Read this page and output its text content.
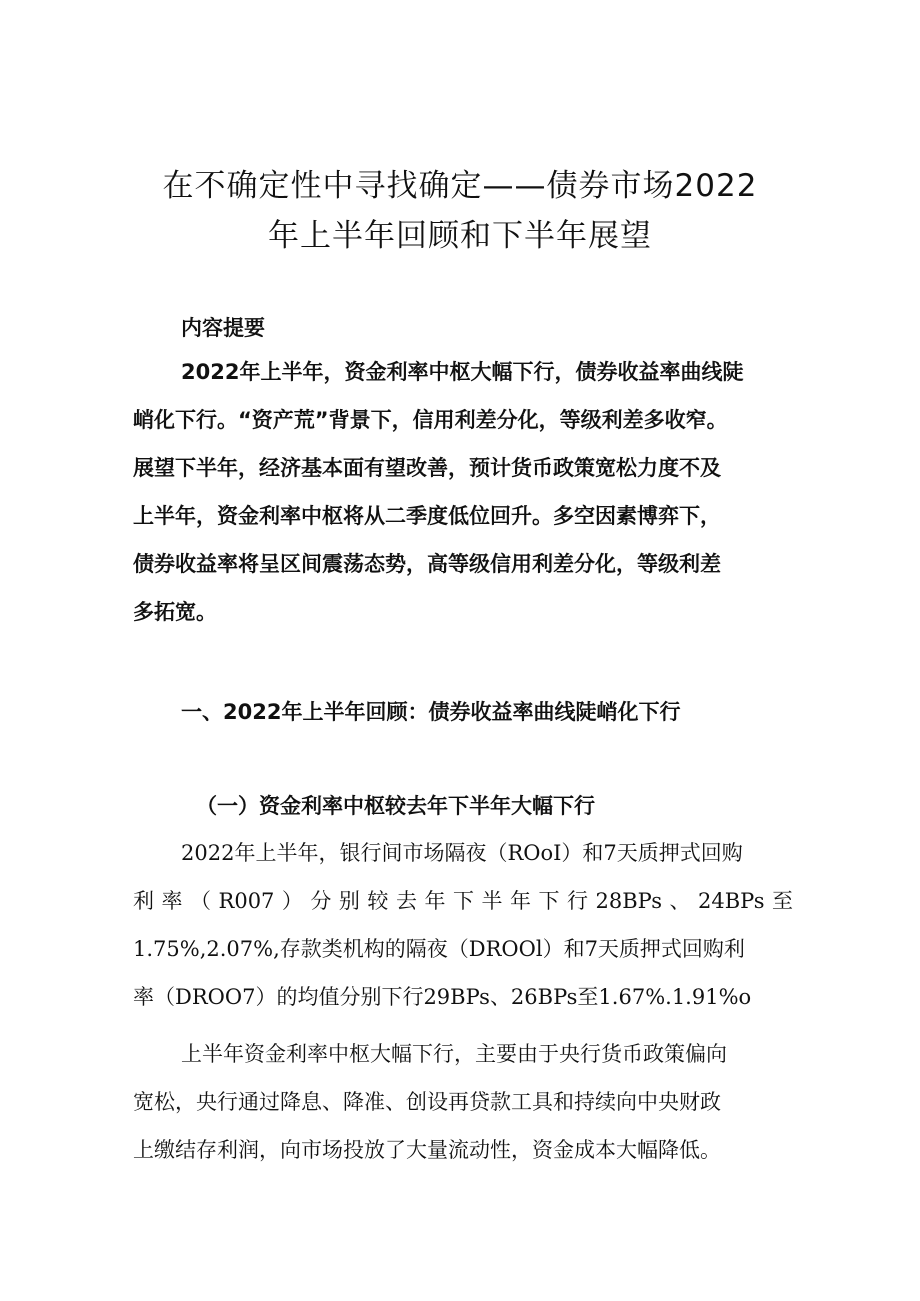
在不确定性中寻找确定——债券市场2022
年上半年回顾和下半年展望
内容提要
2022年上半年，资金利率中枢大幅下行，债券收益率曲线陡
峭化下行。“资产荒”背景下，信用利差分化，等级利差多收窄。
展望下半年，经济基本面有望改善，预计货币政策宽松力度不及
上半年，资金利率中枢将从二季度低位回升。多空因素博弈下，
债券收益率将呈区间震荡态势，高等级信用利差分化，等级利差
多拓宽。
一、2022年上半年回顾：债券收益率曲线陡峭化下行
（一）资金利率中枢较去年下半年大幅下行
2022年上半年，银行间市场隔夜（ROoI）和7天质押式回购
利率（R007）分别较去年下半年下行28BPs、24BPs至
1.75%,2.07%,存款类机构的隔夜（DROOl）和7天质押式回购利
率（DROO7）的均值分别下行29BPs、26BPs至1.67%.1.91%o
上半年资金利率中枢大幅下行，主要由于央行货币政策偏向
宽松，央行通过降息、降准、创设再贷款工具和持续向中央财政
上缴结存利润，向市场投放了大量流动性，资金成本大幅降低。
